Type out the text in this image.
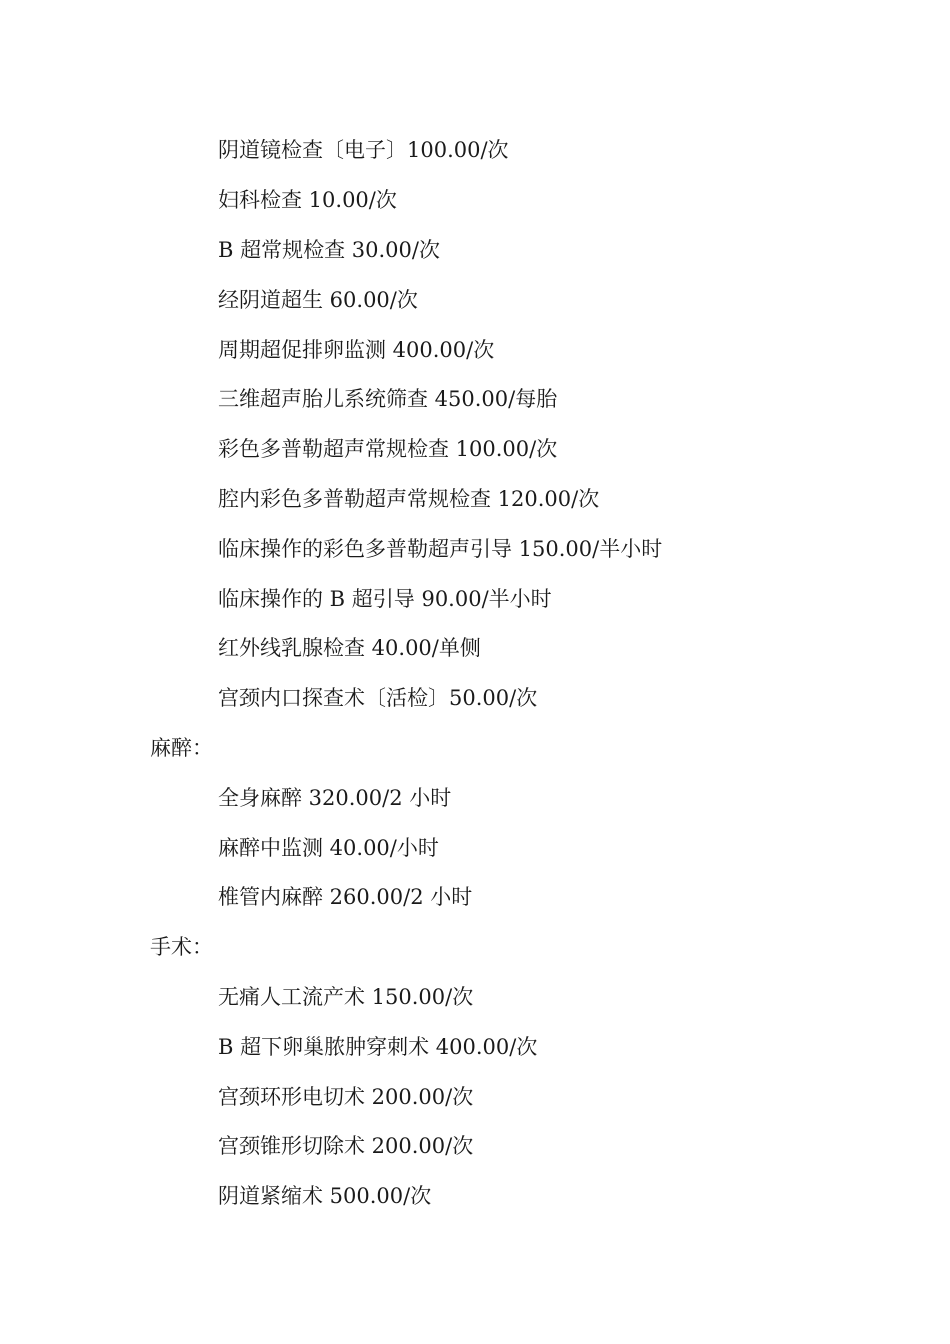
阴道镜检查〔电子〕100.00/次
妇科检查 10.00/次
B 超常规检查 30.00/次
经阴道超生 60.00/次
周期超促排卵监测 400.00/次
三维超声胎儿系统筛查 450.00/每胎
彩色多普勒超声常规检查 100.00/次
腔内彩色多普勒超声常规检查 120.00/次
临床操作的彩色多普勒超声引导 150.00/半小时
临床操作的 B 超引导 90.00/半小时
红外线乳腺检查 40.00/单侧
宫颈内口探查术〔活检〕50.00/次
麻醉：
全身麻醉 320.00/2 小时
麻醉中监测 40.00/小时
椎管内麻醉 260.00/2 小时
手术：
无痛人工流产术 150.00/次
B 超下卵巢脓肿穿刺术 400.00/次
宫颈环形电切术 200.00/次
宫颈锥形切除术 200.00/次
阴道紧缩术 500.00/次
